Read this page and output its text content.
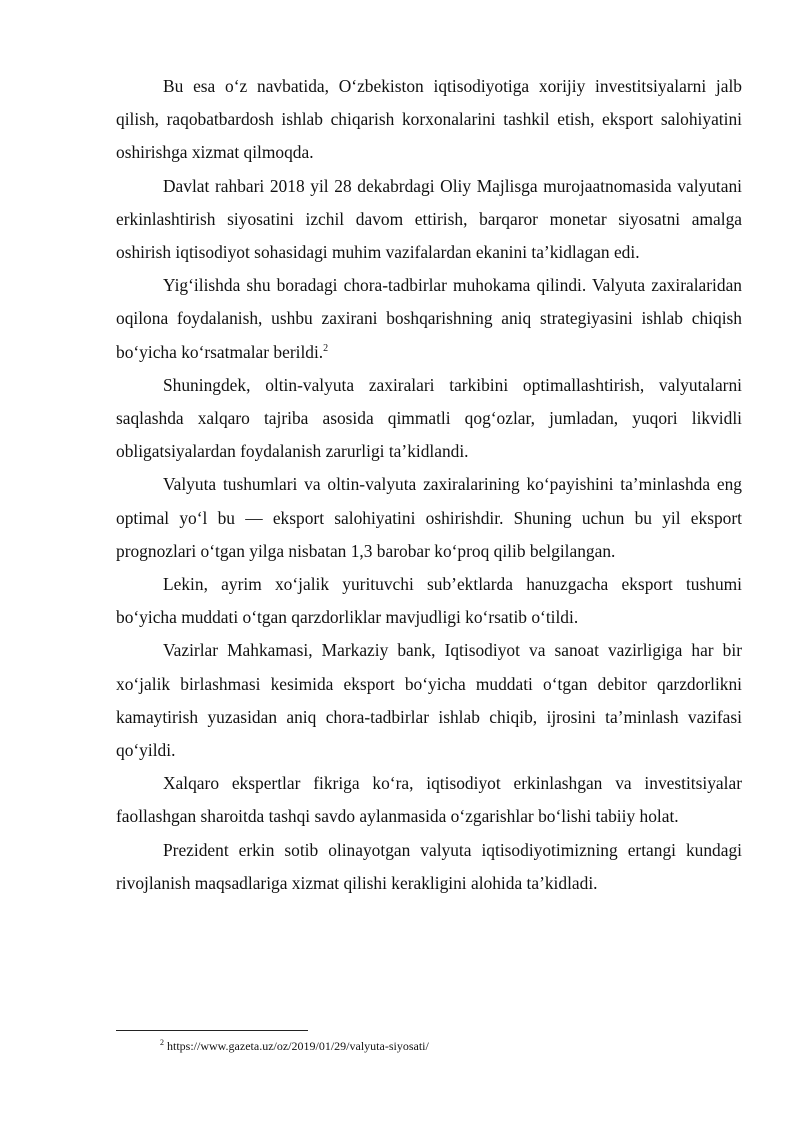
Bu esa o‘z navbatida, O‘zbekiston iqtisodiyotiga xorijiy investitsiyalarni jalb qilish, raqobatbardosh ishlab chiqarish korxonalarini tashkil etish, eksport salohiyatini oshirishga xizmat qilmoqda.

Davlat rahbari 2018 yil 28 dekabrdagi Oliy Majlisga murojaatnomasida valyutani erkinlashtirish siyosatini izchil davom ettirish, barqaror monetar siyosatni amalga oshirish iqtisodiyot sohasidagi muhim vazifalardan ekanini ta’kidlagan edi.

Yig‘ilishda shu boradagi chora-tadbirlar muhokama qilindi. Valyuta zaxiralaridan oqilona foydalanish, ushbu zaxirani boshqarishning aniq strategiyasini ishlab chiqish bo‘yicha ko‘rsatmalar berildi.$^2$

Shuningdek, oltin-valyuta zaxiralari tarkibini optimallashtirish, valyutalarni saqlashda xalqaro tajriba asosida qimmatli qog‘ozlar, jumladan, yuqori likvidli obligatsiyalardan foydalanish zarurligi ta’kidlandi.

Valyuta tushumlari va oltin-valyuta zaxiralarining ko‘payishini ta’minlashda eng optimal yo‘l bu — eksport salohiyatini oshirishdir. Shuning uchun bu yil eksport prognozlari o‘tgan yilga nisbatan 1,3 barobar ko‘proq qilib belgilangan.

Lekin, ayrim xo‘jalik yurituvchi sub’ektlarda hanuzgacha eksport tushumi bo‘yicha muddati o‘tgan qarzdorliklar mavjudligi ko‘rsatib o‘tildi.

Vazirlar Mahkamasi, Markaziy bank, Iqtisodiyot va sanoat vazirligiga har bir xo‘jalik birlashmasi kesimida eksport bo‘yicha muddati o‘tgan debitor qarzdorlikni kamaytirish yuzasidan aniq chora-tadbirlar ishlab chiqib, ijrosini ta’minlash vazifasi qo‘yildi.

Xalqaro ekspertlar fikriga ko‘ra, iqtisodiyot erkinlashgan va investitsiyalar faollashgan sharoitda tashqi savdo aylanmasida o‘zgarishlar bo‘lishi tabiiy holat.

Prezident erkin sotib olinayotgan valyuta iqtisodiyotimizning ertangi kundagi rivojlanish maqsadlariga xizmat qilishi kerakligini alohida ta’kidladi.

$^2$ https://www.gazeta.uz/oz/2019/01/29/valyuta-siyosati/
